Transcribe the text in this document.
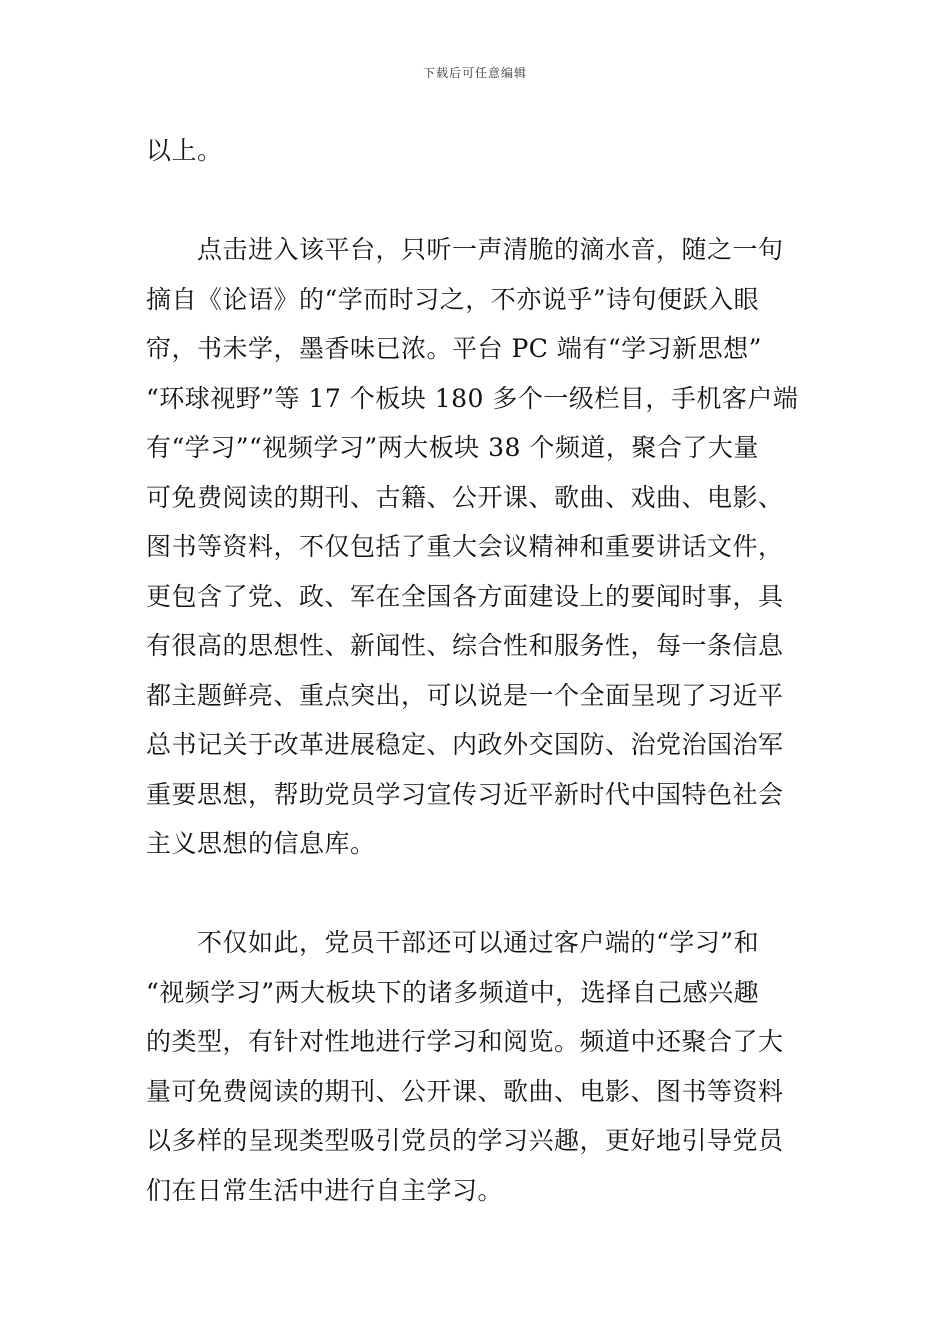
下载后可任意编辑
以上。
　　点击进入该平台，只听一声清脆的滴水音，随之一句
摘自《论语》的“学而时习之，不亦说乎”诗句便跃入眼
帘，书未学，墨香味已浓。平台 PC 端有“学习新思想”
“环球视野”等 17 个板块 180 多个一级栏目，手机客户端
有“学习”“视频学习”两大板块 38 个频道，聚合了大量
可免费阅读的期刊、古籍、公开课、歌曲、戏曲、电影、
图书等资料，不仅包括了重大会议精神和重要讲话文件，
更包含了党、政、军在全国各方面建设上的要闻时事，具
有很高的思想性、新闻性、综合性和服务性，每一条信息
都主题鲜亮、重点突出，可以说是一个全面呈现了习近平
总书记关于改革进展稳定、内政外交国防、治党治国治军
重要思想，帮助党员学习宣传习近平新时代中国特色社会
主义思想的信息库。
　　不仅如此，党员干部还可以通过客户端的“学习”和
“视频学习”两大板块下的诸多频道中，选择自己感兴趣
的类型，有针对性地进行学习和阅览。频道中还聚合了大
量可免费阅读的期刊、公开课、歌曲、电影、图书等资料
以多样的呈现类型吸引党员的学习兴趣，更好地引导党员
们在日常生活中进行自主学习。
